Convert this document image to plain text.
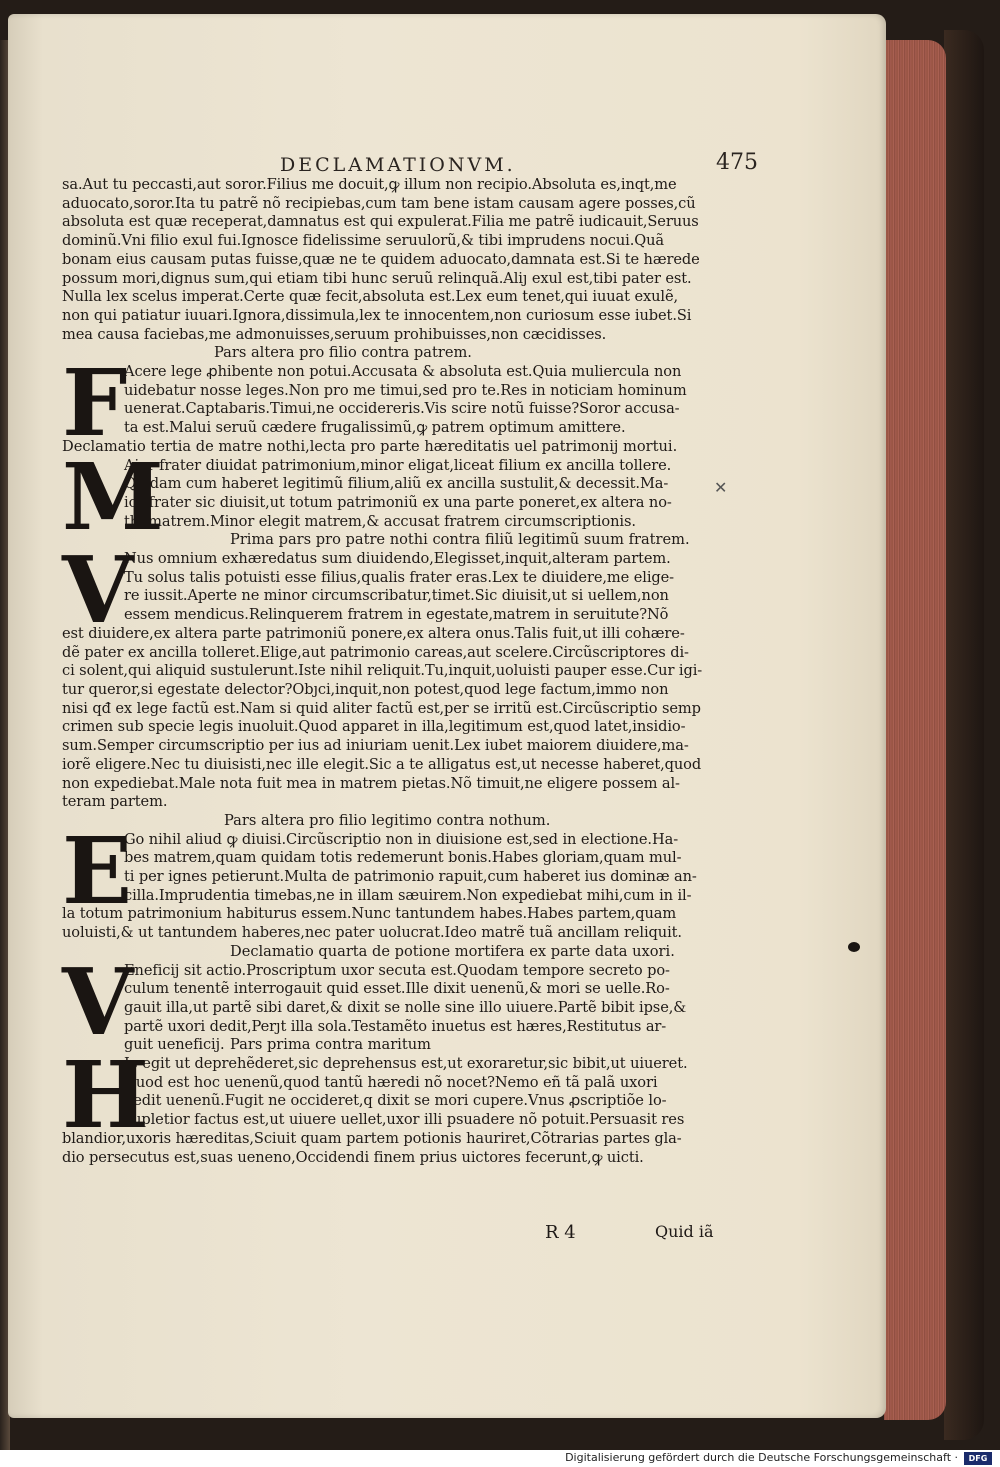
DECLAMATIONVM.	475
sa.Aut tu peccasti,aut soror.Filius me docuit,ꝙ illum non recipio.Absoluta es,inqt,me
aduocato,soror.Ita tu patrẽ nõ recipiebas,cum tam bene istam causam agere posses,cũ
absoluta est quæ receperat,damnatus est qui expulerat.Filia me patrẽ iudicauit,Seruus
dominũ.Vni filio exul fui.Ignosce fidelissime seruulorũ,& tibi imprudens nocui.Quã
bonam eius causam putas fuisse,quæ ne te quidem aduocato,damnata est.Si te hærede
possum mori,dignus sum,qui etiam tibi hunc seruũ relinquã.Aliȷ exul est,tibi pater est.
Nulla lex scelus imperat.Certe quæ fecit,absoluta est.Lex eum tenet,qui iuuat exulẽ,
non qui patiatur iuuari.Ignora,dissimula,lex te innocentem,non curiosum esse iubet.Si
mea causa faciebas,me admonuisses,seruum prohibuisses,non cæcidisses.
Pars altera pro filio contra patrem.
F
Acere lege ꝓhibente non potui.Accusata & absoluta est.Quia muliercula non
uidebatur nosse leges.Non pro me timui,sed pro te.Res in noticiam hominum
uenerat.Captabaris.Timui,ne occidereris.Vis scire notũ fuisse?Soror accusa-
ta est.Malui seruũ cædere frugalissimũ,ꝙ patrem optimum amittere.
Declamatio tertia de matre nothi,lecta pro parte hæreditatis uel patrimonij mortui.
M
Aior frater diuidat patrimonium,minor eligat,liceat filium ex ancilla tollere.
Quidam cum haberet legitimũ filium,aliũ ex ancilla sustulit,& decessit.Ma-
ior frater sic diuisit,ut totum patrimoniũ ex una parte poneret,ex altera no-
thi matrem.Minor elegit matrem,& accusat fratrem circumscriptionis.
Prima pars pro patre nothi contra filiũ legitimũ suum fratrem.
V
Nus omnium exhæredatus sum diuidendo,Elegisset,inquit,alteram partem.
Tu solus talis potuisti esse filius,qualis frater eras.Lex te diuidere,me elige-
re iussit.Aperte ne minor circumscribatur,timet.Sic diuisit,ut si uellem,non
essem mendicus.Relinquerem fratrem in egestate,matrem in seruitute?Nõ
est diuidere,ex altera parte patrimoniũ ponere,ex altera onus.Talis fuit,ut illi cohære-
dẽ pater ex ancilla tolleret.Elige,aut patrimonio careas,aut scelere.Circũscriptores di-
ci solent,qui aliquid sustulerunt.Iste nihil reliquit.Tu,inquit,uoluisti pauper esse.Cur igi-
tur queror,si egestate delector?Obȷci,inquit,non potest,quod lege factum,immo non
nisi qđ ex lege factũ est.Nam si quid aliter factũ est,per se irritũ est.Circũscriptio semp
crimen sub specie legis inuoluit.Quod apparet in illa,legitimum est,quod latet,insidio-
sum.Semper circumscriptio per ius ad iniuriam uenit.Lex iubet maiorem diuidere,ma-
iorẽ eligere.Nec tu diuisisti,nec ille elegit.Sic a te alligatus est,ut necesse haberet,quod
non expediebat.Male nota fuit mea in matrem pietas.Nõ timuit,ne eligere possem al-
teram partem.
Pars altera pro filio legitimo contra nothum.
E
Go nihil aliud ꝙ diuisi.Circũscriptio non in diuisione est,sed in electione.Ha-
bes matrem,quam quidam totis redemerunt bonis.Habes gloriam,quam mul-
ti per ignes petierunt.Multa de patrimonio rapuit,cum haberet ius dominæ an-
cilla.Imprudentia timebas,ne in illam sæuirem.Non expediebat mihi,cum in il-
la totum patrimonium habiturus essem.Nunc tantundem habes.Habes partem,quam
uoluisti,& ut tantundem haberes,nec pater uolucrat.Ideo matrẽ tuã ancillam reliquit.
Declamatio quarta de potione mortifera ex parte data uxori.
V
Eneficij sit actio.Proscriptum uxor secuta est.Quodam tempore secreto po-
culum tenentẽ interrogauit quid esset.Ille dixit uenenũ,& mori se uelle.Ro-
gauit illa,ut partẽ sibi daret,& dixit se nolle sine illo uiuere.Partẽ bibit ipse,&
partẽ uxori dedit,Perȷt illa sola.Testamẽto inuetus est hæres,Restitutus ar-
guit ueneficij. Pars prima contra maritum
H
Ic egit ut deprehẽderet,sic deprehensus est,ut exoraretur,sic bibit,ut uiueret.
Quod est hoc uenenũ,quod tantũ hæredi nõ nocet?Nemo eñ tã palã uxori
dedit uenenũ.Fugit ne occideret,q dixit se mori cupere.Vnus ꝓscriptiõe lo-
cupletior factus est,ut uiuere uellet,uxor illi psuadere nõ potuit.Persuasit res
blandior,uxoris hæreditas,Sciuit quam partem potionis hauriret,Cõtrarias partes gla-
dio persecutus est,suas ueneno,Occidendi finem prius uictores fecerunt,ꝙ uicti.
✕
R 4	Quid iã
Digitalisierung gefördert durch die Deutsche Forschungsgemeinschaft ·	DFG
